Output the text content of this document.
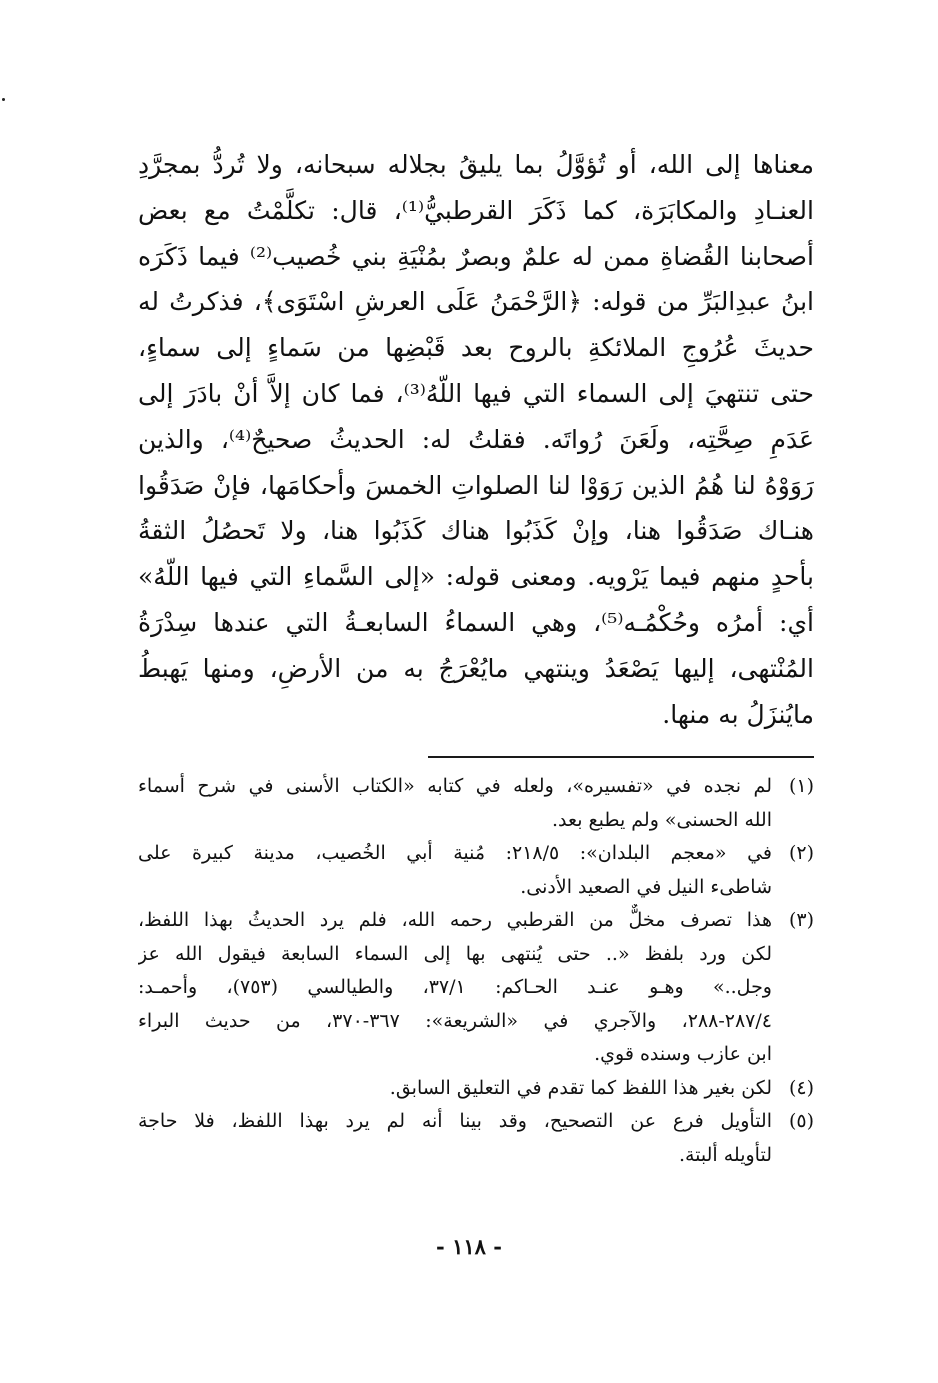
معناها إلى الله، أو تُؤوَّلُ بما يليقُ بجلاله سبحانه، ولا تُردُّ بمجرَّدِ
العنـادِ والمكابَرَة، كما ذَكَرَ القرطبيُّ⁽¹⁾، قال: تكلَّمْتُ مع بعض
أصحابنا القُضاةِ ممن له علمٌ وبصرٌ بمُنْيَةِ بني خُصيب⁽²⁾ فيما ذَكَرَه
ابنُ عبدِالبَرِّ من قوله: ﴿الرَّحْمَنُ عَلَى العرشِ اسْتَوَى﴾، فذكرتُ له
حديثَ عُرُوجِ الملائكةِ بالروح بعد قَبْضِها من سَماءٍ إلى سماءٍ،
حتى تنتهيَ إلى السماء التي فيها اللّهُ⁽³⁾، فما كان إلاَّ أنْ بادَرَ إلى
عَدَمِ صِحَّتِه، ولَعَنَ رُواتَه. فقلتُ له: الحديثُ صحيحٌ⁽⁴⁾، والذين
رَوَوْهُ لنا هُمُ الذين رَوَوْا لنا الصلواتِ الخمسَ وأحكامَها، فإنْ صَدَقُوا
هنـاك صَدَقُوا هنا، وإنْ كَذَبُوا هناك كَذَبُوا هنا، ولا تَحصُلُ الثقةُ
بأحدٍ منهم فيما يَرْويه. ومعنى قوله: «إلى السَّماءِ التي فيها اللّهُ»
أي: أمرُه وحُكْمُـه⁽⁵⁾، وهي السماءُ السابعـةُ التي عندها سِدْرَةُ
المُنْتهى، إليها يَصْعَدُ وينتهي مايُعْرَجُ به من الأرضِ، ومنها يَهبطُ
مايُنزَلُ به منها.
(١)
لم نجده في «تفسيره»، ولعله في كتابه «الكتاب الأسنى في شرح أسماء
الله الحسنى» ولم يطبع بعد.
(٢)
في «معجم البلدان»: ٢١٨/٥: مُنية أبي الخُصيب، مدينة كبيرة على
شاطىء النيل في الصعيد الأدنى.
(٣)
هذا تصرف مخلٌّ من القرطبي رحمه الله، فلم يرد الحديثُ بهذا اللفظ،
لكن ورد بلفظ «.. حتى يُنتهى بها إلى السماء السابعة فيقول الله عز
وجل..» وهـو عنـد الحـاكم: ٣٧/١، والطيالسي (٧٥٣)، وأحمـد:
٢٨٧/٤-٢٨٨، والآجري في «الشريعة»: ٣٦٧-٣٧٠، من حديث البراء
ابن عازب وسنده قوي.
(٤)
لكن بغير هذا اللفظ كما تقدم في التعليق السابق.
(٥)
التأويل فرع عن التصحيح، وقد بينا أنه لم يرد بهذا اللفظ، فلا حاجة
لتأويله ألبتة.
- ١١٨ -
